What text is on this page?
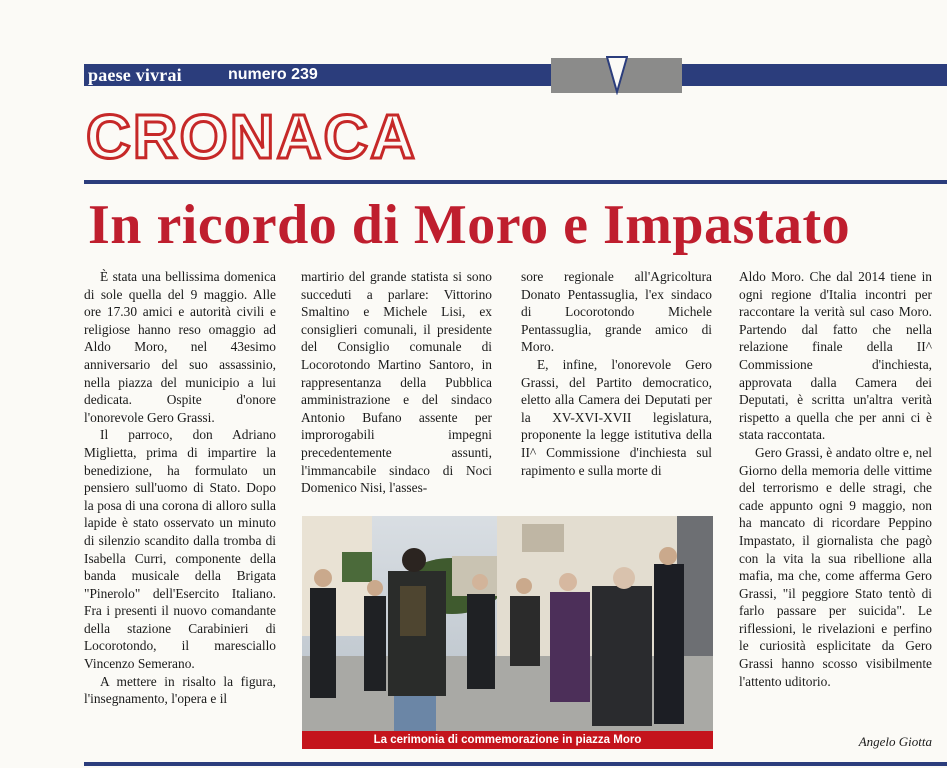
paese vivrai	numero 239
CRONACA
In ricordo di Moro e Impastato

È stata una bellissima domenica di sole quella del 9 maggio. Alle ore 17.30 amici e autorità civili e religiose hanno reso omaggio ad Aldo Moro, nel 43esimo anniversario del suo assassinio, nella piazza del municipio a lui dedicata. Ospite d'onore l'onorevole Gero Grassi.

Il parroco, don Adriano Miglietta, prima di impartire la benedizione, ha formulato un pensiero sull'uomo di Stato. Dopo la posa di una corona di alloro sulla lapide è stato osservato un minuto di silenzio scandito dalla tromba di Isabella Curri, componente della banda musicale della Brigata "Pinerolo" dell'Esercito Italiano. Fra i presenti il nuovo comandante della stazione Carabinieri di Locorotondo, il maresciallo Vincenzo Semerano.

A mettere in risalto la figura, l'insegnamento, l'opera e il

martirio del grande statista si sono succeduti a parlare: Vittorino Smaltino e Michele Lisi, ex consiglieri comunali, il presidente del Consiglio comunale di Locorotondo Martino Santoro, in rappresentanza della Pubblica amministrazione e del sindaco Antonio Bufano assente per improrogabili impegni precedentemente assunti, l'immancabile sindaco di Noci Domenico Nisi, l'asses-

sore regionale all'Agricoltura Donato Pentassuglia, l'ex sindaco di Locorotondo Michele Pentassuglia, grande amico di Moro.

E, infine, l'onorevole Gero Grassi, del Partito democratico, eletto alla Camera dei Deputati per la XV-XVI-XVII legislatura, proponente la legge istitutiva della II^ Commissione d'inchiesta sul rapimento e sulla morte di

Aldo Moro. Che dal 2014 tiene in ogni regione d'Italia incontri per raccontare la verità sul caso Moro. Partendo dal fatto che nella relazione finale della II^ Commissione d'inchiesta, approvata dalla Camera dei Deputati, è scritta un'altra verità rispetto a quella che per anni ci è stata raccontata.

Gero Grassi, è andato oltre e, nel Giorno della memoria delle vittime del terrorismo e delle stragi, che cade appunto ogni 9 maggio, non ha mancato di ricordare Peppino Impastato, il giornalista che pagò con la vita la sua ribellione alla mafia, ma che, come afferma Gero Grassi, "il peggiore Stato tentò di farlo passare per suicida". Le riflessioni, le rivelazioni e perfino le curiosità esplicitate da Gero Grassi hanno scosso visibilmente l'attento uditorio.

La cerimonia di commemorazione in piazza Moro	Angelo Giotta
